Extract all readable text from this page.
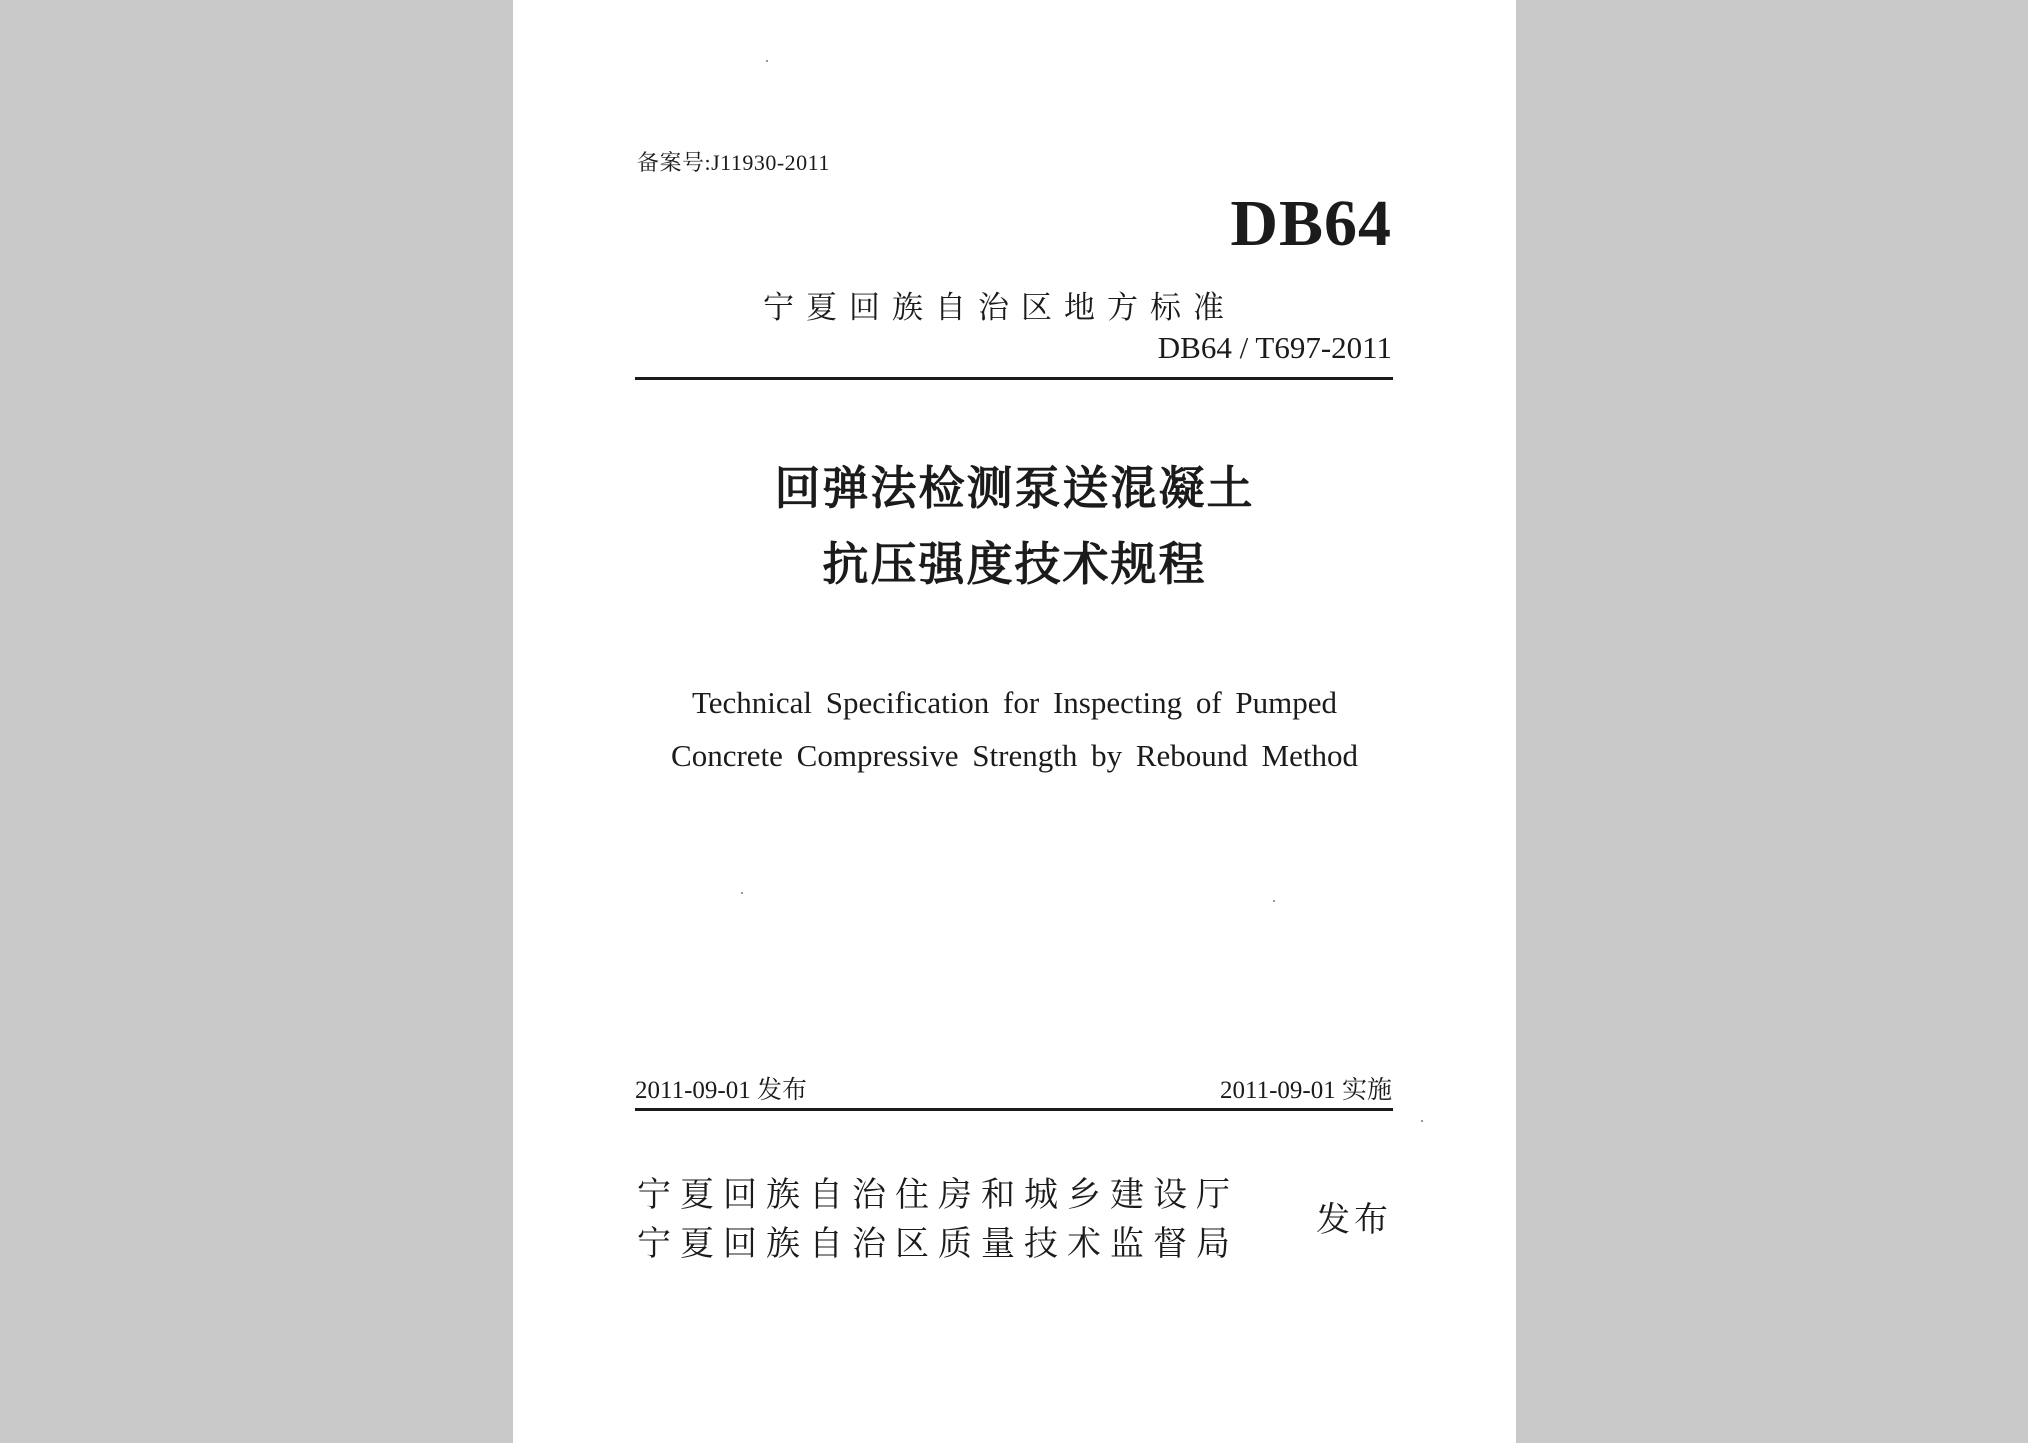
备案号:J11930-2011
DB64
宁夏回族自治区地方标准
DB64 / T697-2011
回弹法检测泵送混凝土
抗压强度技术规程
Technical Specification for Inspecting of Pumped
Concrete Compressive Strength by Rebound Method
2011-09-01 发布	2011-09-01 实施
宁夏回族自治住房和城乡建设厅
宁夏回族自治区质量技术监督局
发布
